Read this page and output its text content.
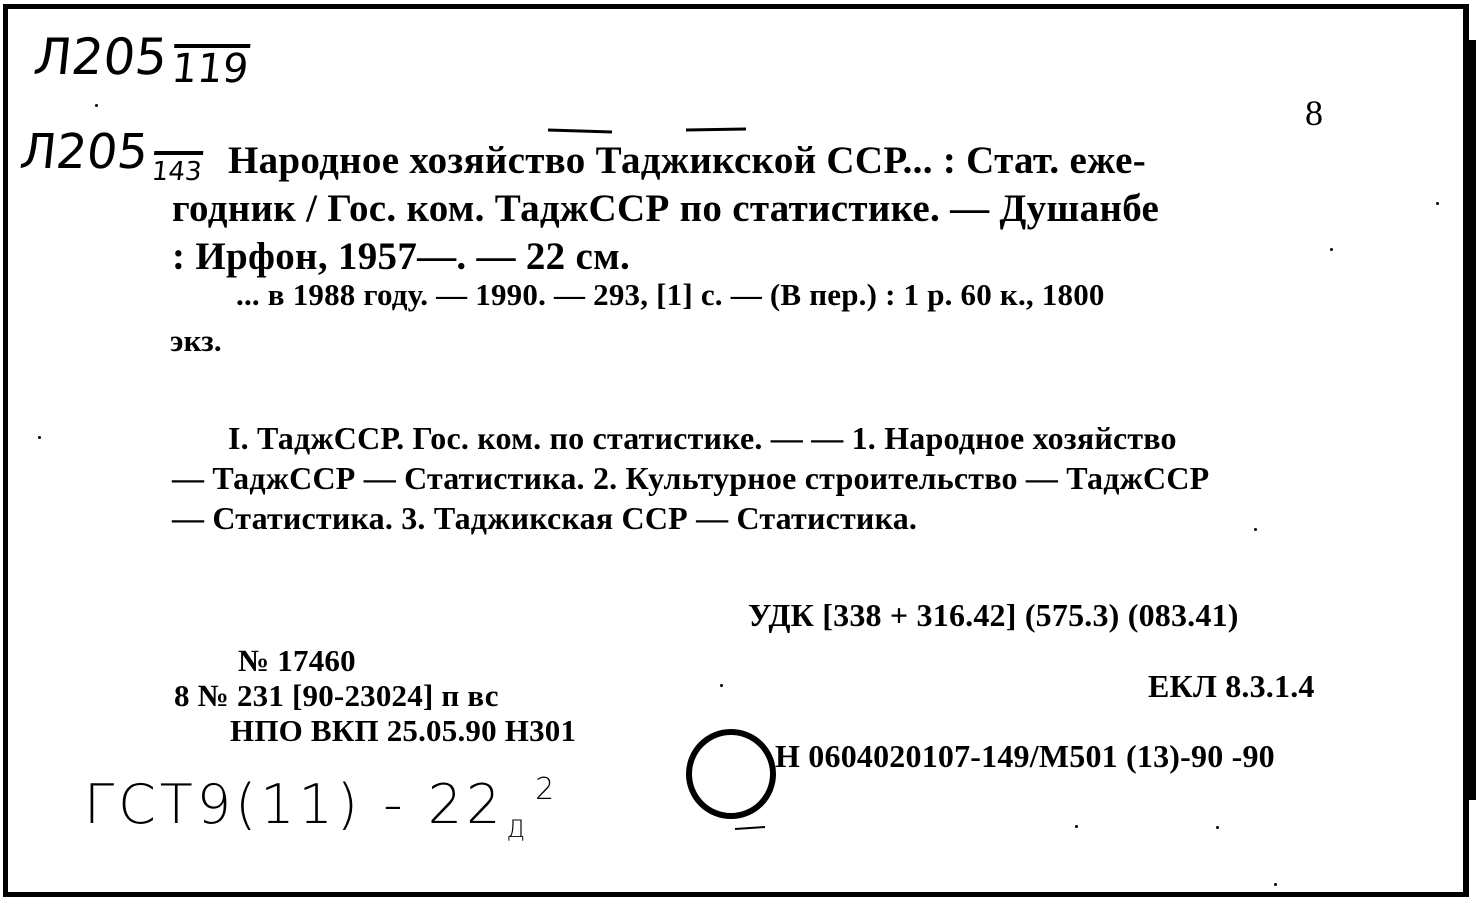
Л205119
Л205143
8
Народное хозяйство Таджикской ССР... : Стат. еже-
годник / Гос. ком. ТаджССР по статистике. — Душанбе
: Ирфон, 1957—. — 22 см.
... в 1988 году. — 1990. — 293, [1] с. — (В пер.) : 1 р. 60 к., 1800
экз.
I. ТаджССР. Гос. ком. по статистике. — — 1. Народное хозяйство
— ТаджССР — Статистика. 2. Культурное строительство — ТаджССР
— Статистика. 3. Таджикская ССР — Статистика.
УДК [338 + 316.42] (575.3) (083.41)
ЕКЛ 8.3.1.4
Н 0604020107-149/М501 (13)-90 -90
№ 17460
8 № 231 [90-23024] п вс
НПО ВКП 25.05.90 Н301
$ГСТ9(11) - 22_Д^2$
